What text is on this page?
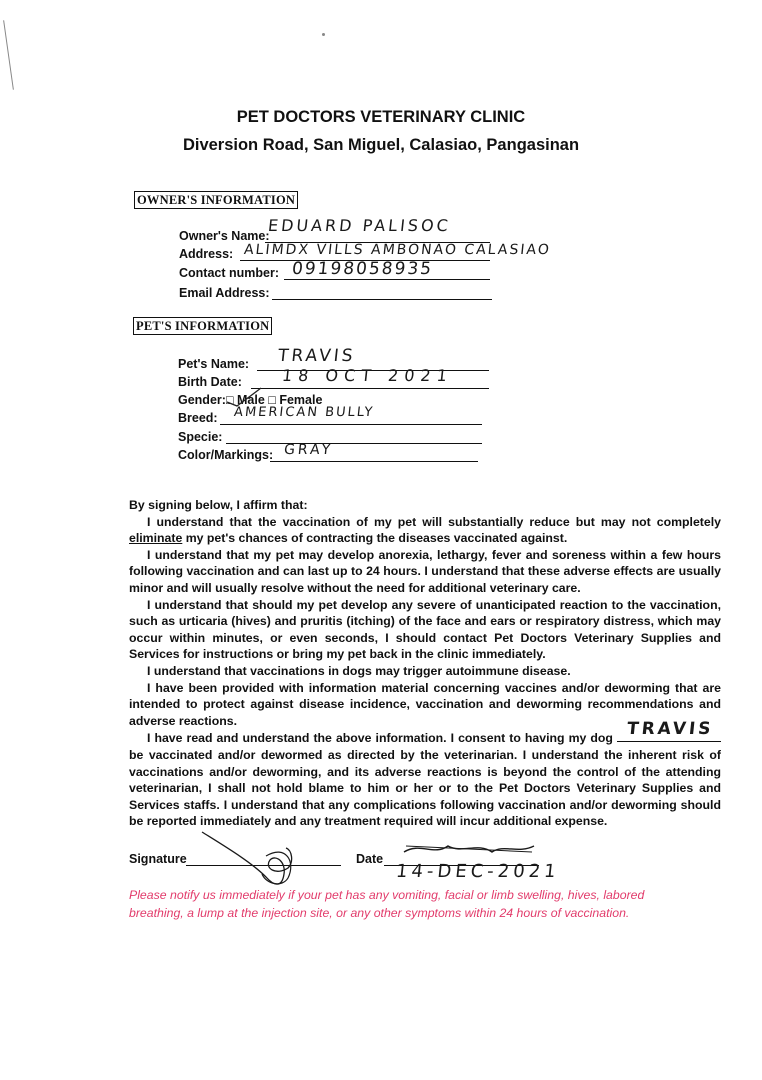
PET DOCTORS VETERINARY CLINIC
Diversion Road, San Miguel, Calasiao, Pangasinan
OWNER'S INFORMATION
Owner's Name:
EDUARD PALISOC
Address: ALIMDX VILLS AMBONAO CALASIAO
Contact number: 09198058935
Email Address:
PET'S INFORMATION
Pet's Name: TRAVIS
Birth Date: 18 OCT 2021
Gender:□ Male □ Female
Breed: AMERICAN BULLY
Specie:
Color/Markings: GRAY

By signing below, I affirm that:

I understand that the vaccination of my pet will substantially reduce but may not completely eliminate my pet's chances of contracting the diseases vaccinated against.

I understand that my pet may develop anorexia, lethargy, fever and soreness within a few hours following vaccination and can last up to 24 hours. I understand that these adverse effects are usually minor and will usually resolve without the need for additional veterinary care.

I understand that should my pet develop any severe of unanticipated reaction to the vaccination, such as urticaria (hives) and pruritis (itching) of the face and ears or respiratory distress, which may occur within minutes, or even seconds, I should contact Pet Doctors Veterinary Supplies and Services for instructions or bring my pet back in the clinic immediately.

I understand that vaccinations in dogs may trigger autoimmune disease.

I have been provided with information material concerning vaccines and/or deworming that are intended to protect against disease incidence, vaccination and deworming recommendations and adverse reactions.

I have read and understand the above information. I consent to having my dog TRAVIS
be vaccinated and/or dewormed as directed by the veterinarian. I understand the inherent risk of vaccinations and/or deworming, and its adverse reactions is beyond the control of the attending veterinarian, I shall not hold blame to him or her or to the Pet Doctors Veterinary Supplies and Services staffs. I understand that any complications following vaccination and/or deworming should be reported immediately and any treatment required will incur additional expense.

Signature	Date
14-DEC-2021
Please notify us immediately if your pet has any vomiting, facial or limb swelling, hives, labored breathing, a lump at the injection site, or any other symptoms within 24 hours of vaccination.
